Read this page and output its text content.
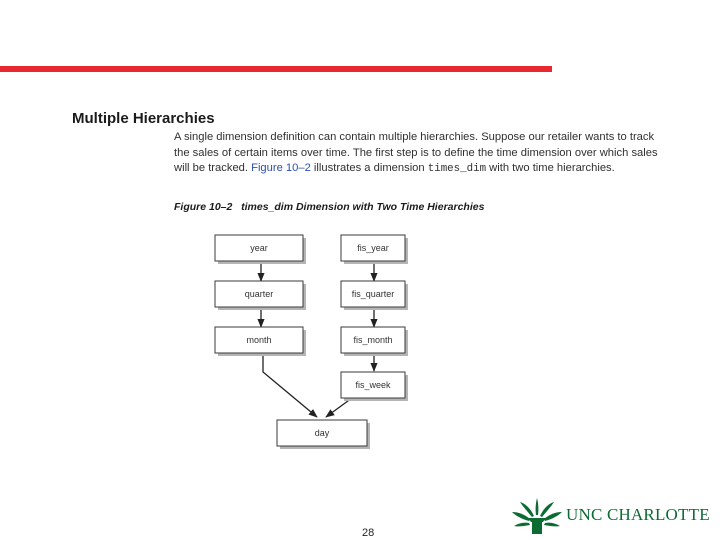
Multiple Hierarchies
A single dimension definition can contain multiple hierarchies. Suppose our retailer wants to track the sales of certain items over time. The first step is to define the time dimension over which sales will be tracked. Figure 10–2 illustrates a dimension times_dim with two time hierarchies.
Figure 10–2   times_dim Dimension with Two Time Hierarchies
year
quarter
month
fis_year
fis_quarter
fis_month
fis_week
day
28
UNC CHARLOTTE
